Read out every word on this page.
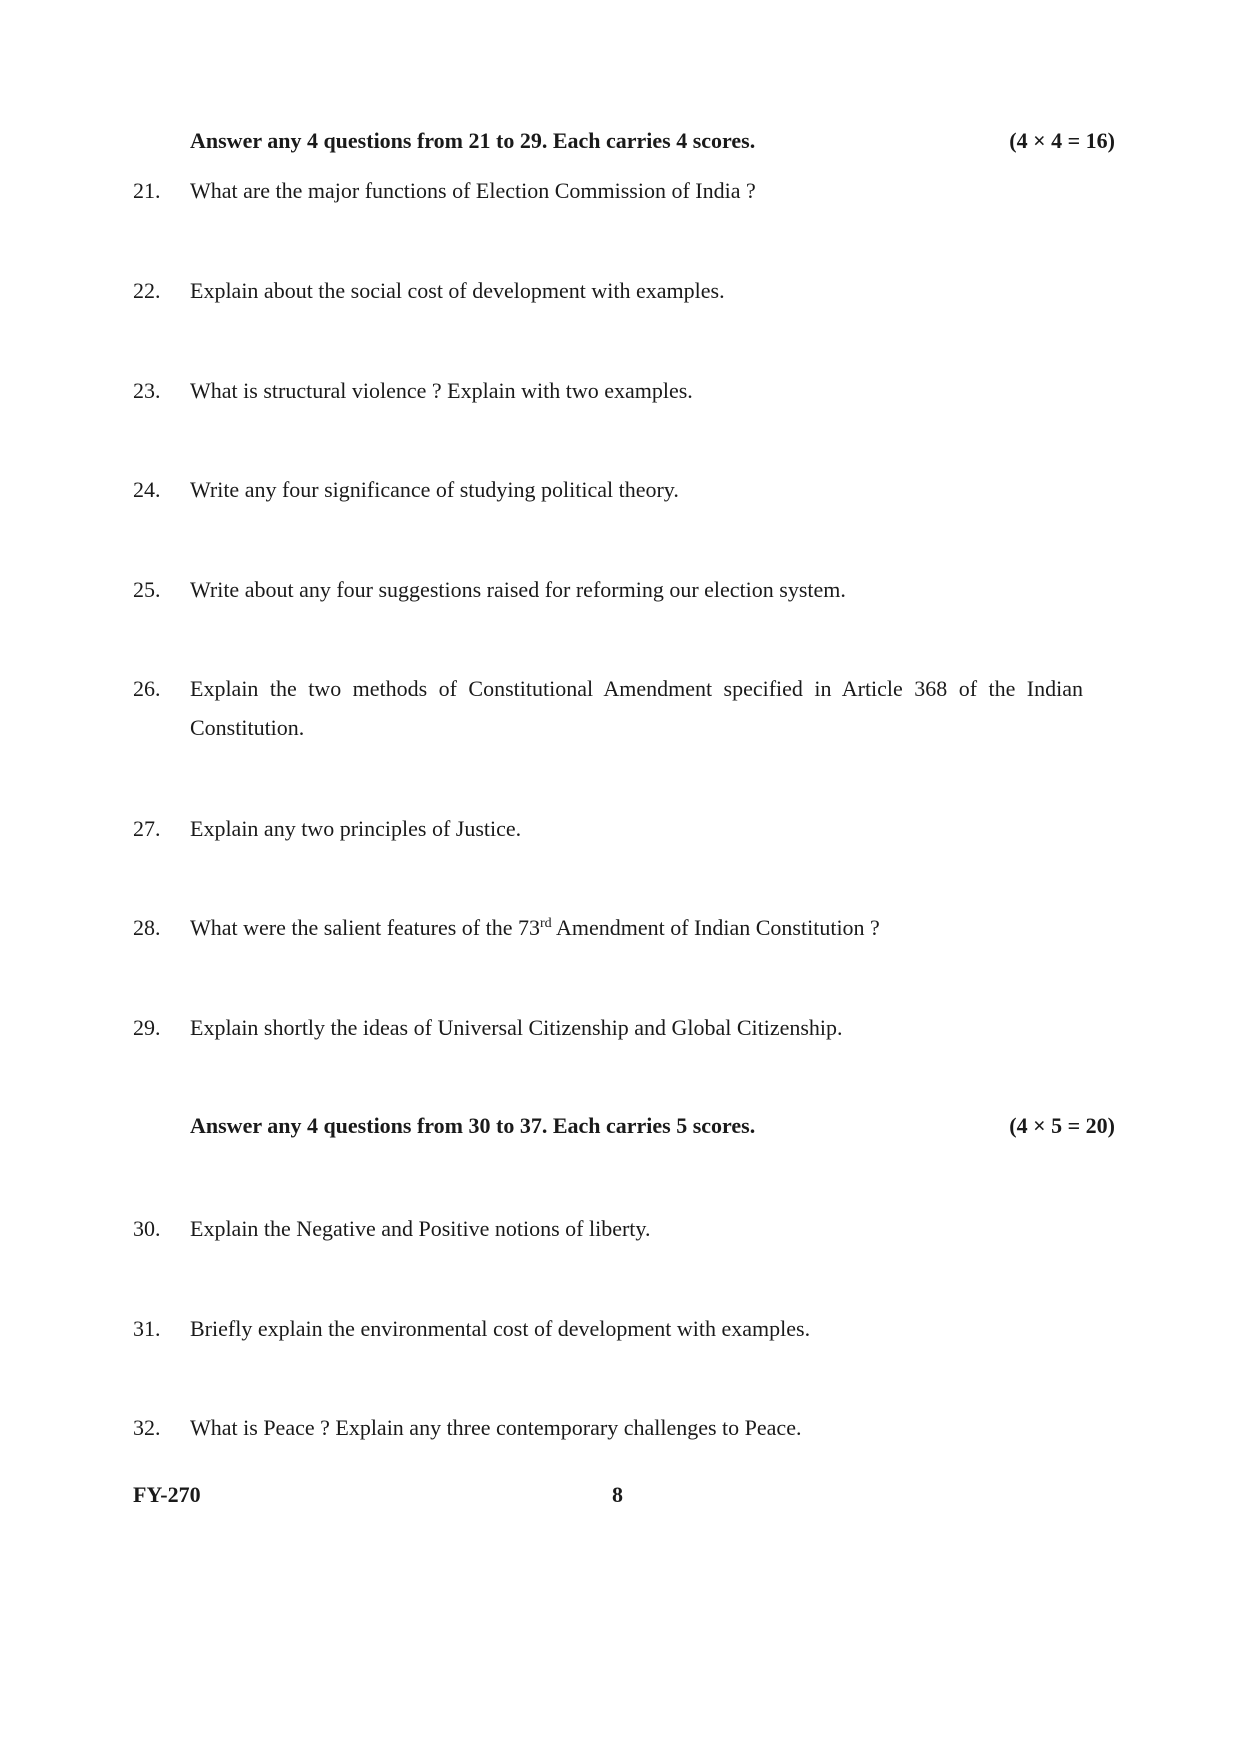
Answer any 4 questions from 21 to 29. Each carries 4 scores.	(4 × 4 = 16)
21.	What are the major functions of Election Commission of India ?
22.	Explain about the social cost of development with examples.
23.	What is structural violence ? Explain with two examples.
24.	Write any four significance of studying political theory.
25.	Write about any four suggestions raised for reforming our election system.
26.	Explain the two methods of Constitutional Amendment specified in Article 368 of the Indian Constitution.
27.	Explain any two principles of Justice.
28.	What were the salient features of the 73rd Amendment of Indian Constitution ?
29.	Explain shortly the ideas of Universal Citizenship and Global Citizenship.
Answer any 4 questions from 30 to 37. Each carries 5 scores.	(4 × 5 = 20)
30.	Explain the Negative and Positive notions of liberty.
31.	Briefly explain the environmental cost of development with examples.
32.	What is Peace ? Explain any three contemporary challenges to Peace.
FY-270	8
